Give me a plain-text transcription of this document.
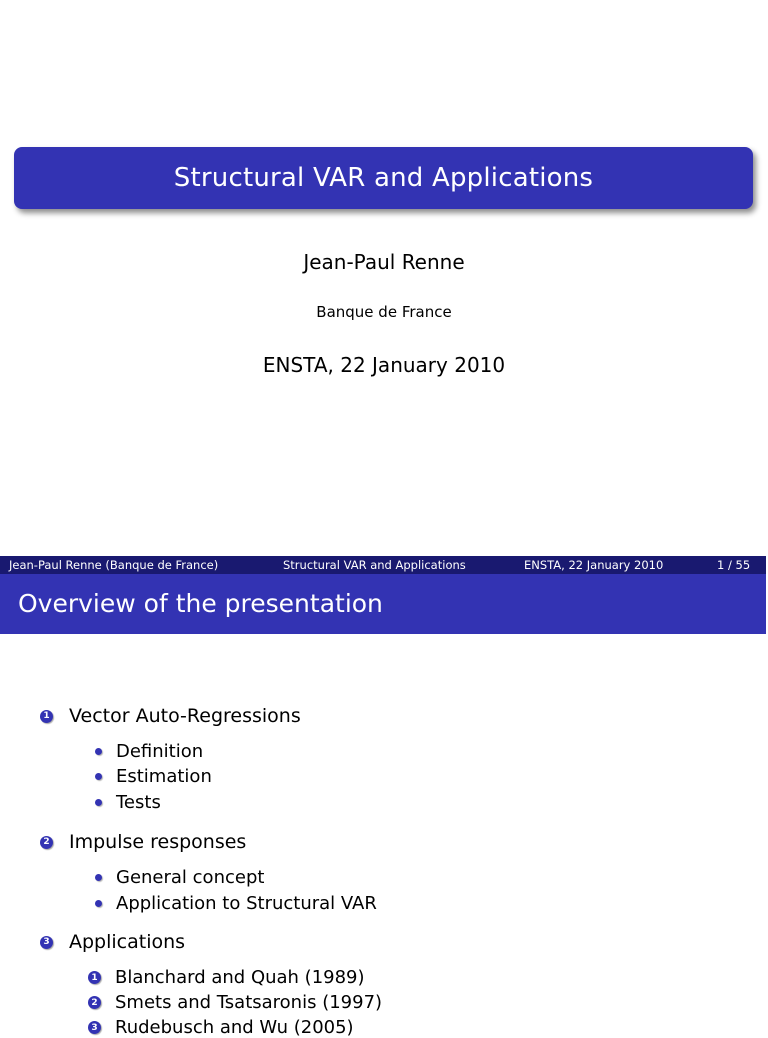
Structural VAR and Applications
Jean-Paul Renne
Banque de France
ENSTA, 22 January 2010
Jean-Paul Renne (Banque de France)	Structural VAR and Applications	ENSTA, 22 January 2010	1 / 55
Overview of the presentation
1 Vector Auto-Regressions
Definition
Estimation
Tests
2 Impulse responses
General concept
Application to Structural VAR
3 Applications
1 Blanchard and Quah (1989)
2 Smets and Tsatsaronis (1997)
3 Rudebusch and Wu (2005)
